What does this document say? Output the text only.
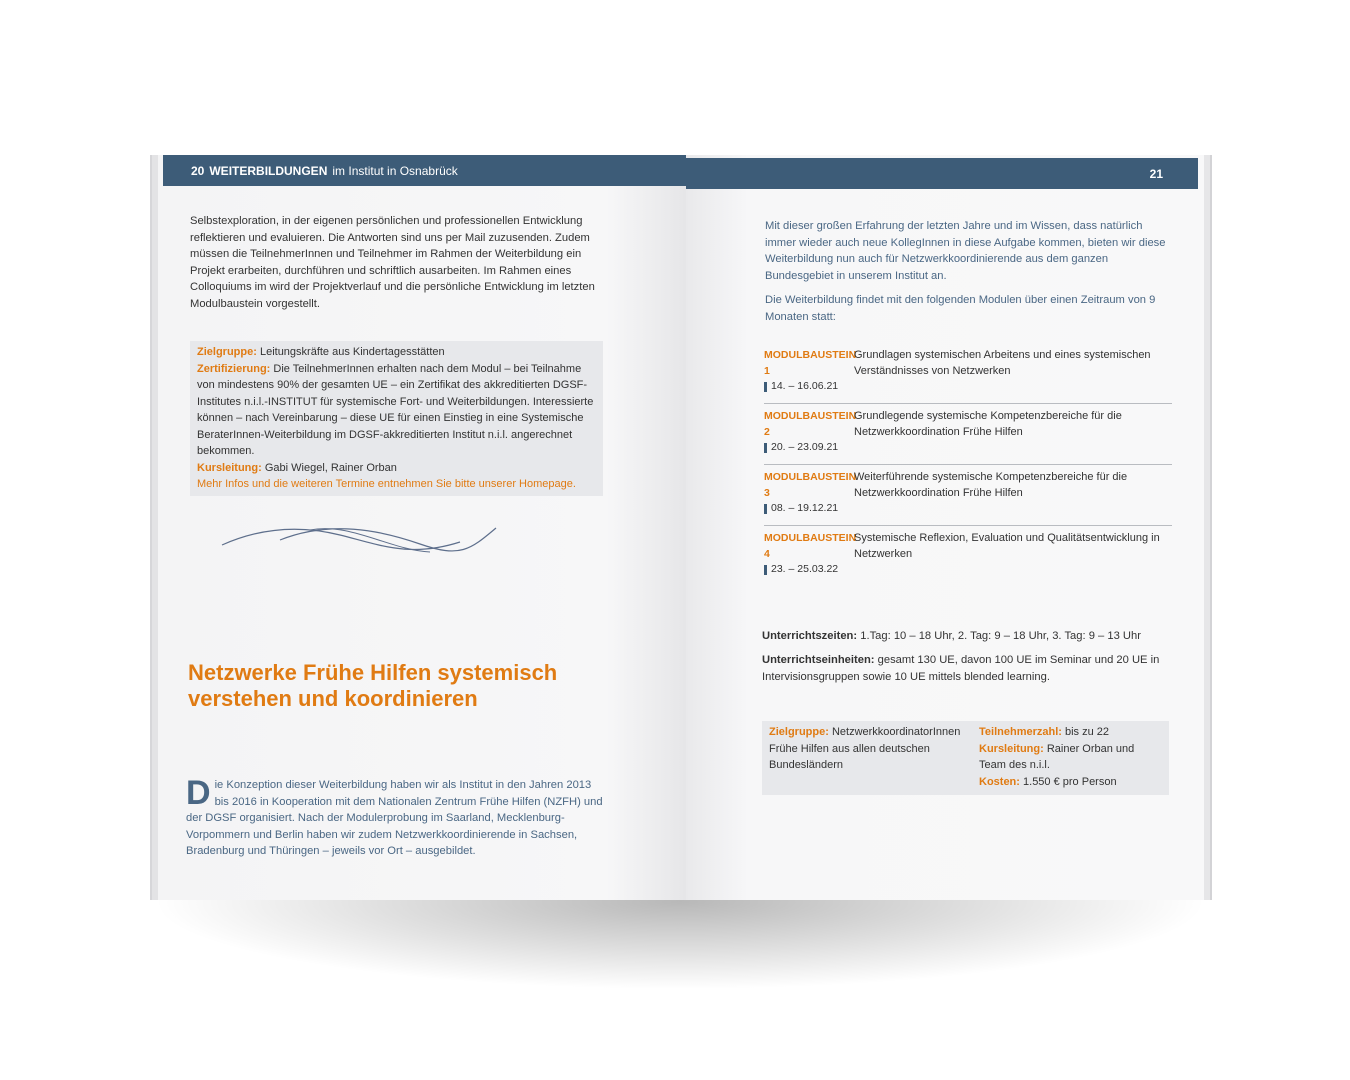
20 WEITERBILDUNGEN im Institut in Osnabrück
Selbstexploration, in der eigenen persönlichen und professionellen Entwicklung reflektieren und evaluieren. Die Antworten sind uns per Mail zuzusenden. Zudem müssen die TeilnehmerInnen und Teilnehmer im Rahmen der Weiterbildung ein Projekt erarbeiten, durchführen und schriftlich ausarbeiten. Im Rahmen eines Colloquiums im wird der Projektverlauf und die persönliche Entwicklung im letzten Modulbaustein vorgestellt.
Zielgruppe: Leitungskräfte aus Kindertagesstätten
Zertifizierung: Die TeilnehmerInnen erhalten nach dem Modul – bei Teilnahme von mindestens 90% der gesamten UE – ein Zertifikat des akkreditierten DGSF-Institutes n.i.l.-INSTITUT für systemische Fort- und Weiterbildungen. Interessierte können – nach Vereinbarung – diese UE für einen Einstieg in eine Systemische BeraterInnen-Weiterbildung im DGSF-akkreditierten Institut n.i.l. angerechnet bekommen.
Kursleitung: Gabi Wiegel, Rainer Orban
Mehr Infos und die weiteren Termine entnehmen Sie bitte unserer Homepage.
Netzwerke Frühe Hilfen systemisch
verstehen und koordinieren
Die Konzeption dieser Weiterbildung haben wir als Institut in den Jahren 2013 bis 2016 in Kooperation mit dem Nationalen Zentrum Frühe Hilfen (NZFH) und der DGSF organisiert. Nach der Modulerprobung im Saarland, Mecklenburg-Vorpommern und Berlin haben wir zudem Netzwerkkoordinierende in Sachsen, Bradenburg und Thüringen – jeweils vor Ort – ausgebildet.
21
Mit dieser großen Erfahrung der letzten Jahre und im Wissen, dass natürlich immer wieder auch neue KollegInnen in diese Aufgabe kommen, bieten wir diese Weiterbildung nun auch für Netzwerkkoordinierende aus dem ganzen Bundesgebiet in unserem Institut an.
Die Weiterbildung findet mit den folgenden Modulen über einen Zeitraum von 9 Monaten statt:
MODULBAUSTEIN 1
14. – 16.06.21
Grundlagen systemischen Arbeitens und eines systemischen Verständnisses von Netzwerken
MODULBAUSTEIN 2
20. – 23.09.21
Grundlegende systemische Kompetenzbereiche für die Netzwerkkoordination Frühe Hilfen
MODULBAUSTEIN 3
08. – 19.12.21
Weiterführende systemische Kompetenzbereiche für die Netzwerkkoordination Frühe Hilfen
MODULBAUSTEIN 4
23. – 25.03.22
Systemische Reflexion, Evaluation und Qualitätsentwicklung in Netzwerken
Unterrichtszeiten: 1.Tag: 10 – 18 Uhr, 2. Tag: 9 – 18 Uhr, 3. Tag: 9 – 13 Uhr
Unterrichtseinheiten: gesamt 130 UE, davon 100 UE im Seminar und 20 UE in Intervisionsgruppen sowie 10 UE mittels blended learning.
Zielgruppe: NetzwerkkoordinatorInnen Frühe Hilfen aus allen deutschen Bundesländern
Teilnehmerzahl: bis zu 22
Kursleitung: Rainer Orban und Team des n.i.l.
Kosten: 1.550 € pro Person
